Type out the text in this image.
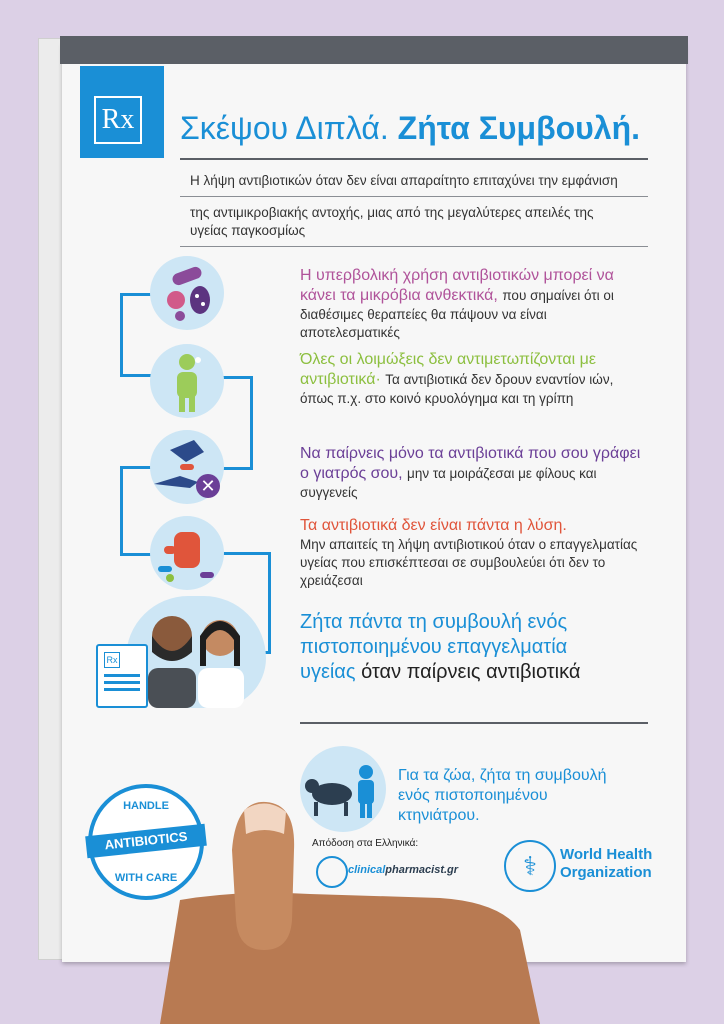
Rx Σκέψου Διπλά. Ζήτα Συμβουλή.
Η λήψη αντιβιοτικών όταν δεν είναι απαραίτητο επιταχύνει την εμφάνιση
της αντιμικροβιακής αντοχής, μιας από της μεγαλύτερες απειλές της
υγείας παγκοσμίως
✕
Rx
Η υπερβολική χρήση αντιβιοτικών μπορεί να κάνει τα μικρόβια ανθεκτικά, που σημαίνει ότι οι διαθέσιμες θεραπείες θα πάψουν να είναι αποτελεσματικές
Όλες οι λοιμώξεις δεν αντιμετωπίζονται με αντιβιοτικά· Τα αντιβιοτικά δεν δρουν εναντίον ιών, όπως π.χ. στο κοινό κρυολόγημα και τη γρίπη
Να παίρνεις μόνο τα αντιβιοτικά που σου γράφει ο γιατρός σου, μην τα μοιράζεσαι με φίλους και συγγενείς
Τα αντιβιοτικά δεν είναι πάντα η λύση.
Μην απαιτείς τη λήψη αντιβιοτικού όταν ο επαγγελματίας υγείας που επισκέπτεσαι σε συμβουλεύει ότι δεν το χρειάζεσαι
Ζήτα πάντα τη συμβουλή ενός
πιστοποιημένου επαγγελματία
υγείας όταν παίρνεις αντιβιοτικά
Για τα ζώα, ζήτα τη συμβουλή
ενός πιστοποιημένου
κτηνιάτρου.
HANDLE
ANTIBIOTICS
WITH CARE
Απόδοση στα Ελληνικά:
clinicalpharmacist.gr	⚕	World Health
Organization
